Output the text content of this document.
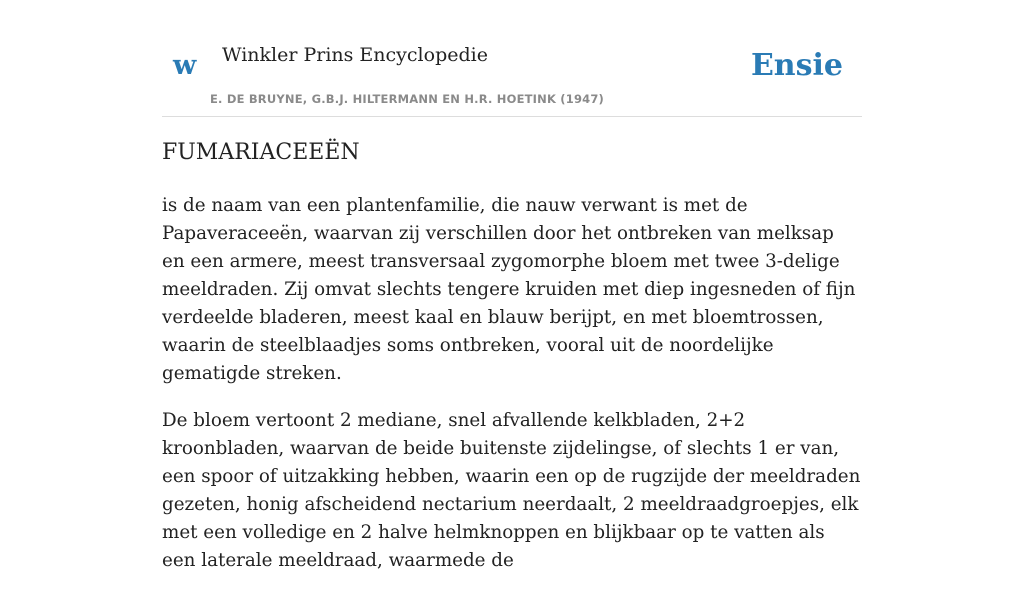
w Winkler Prins Encyclopedie
E. DE BRUYNE, G.B.J. HILTERMANN EN H.R. HOETINK (1947)
Ensie
FUMARIACEEËN

is de naam van een plantenfamilie, die nauw verwant is met de Papaveraceeën, waarvan zij verschillen door het ontbreken van melksap en een armere, meest transversaal zygomorphe bloem met twee 3-delige meeldraden. Zij omvat slechts tengere kruiden met diep ingesneden of fijn verdeelde bladeren, meest kaal en blauw berijpt, en met bloemtrossen, waarin de steelblaadjes soms ontbreken, vooral uit de noordelijke gematigde streken.

De bloem vertoont 2 mediane, snel afvallende kelkbladen, 2+2 kroonbladen, waarvan de beide buitenste zijdelingse, of slechts 1 er van, een spoor of uitzakking hebben, waarin een op de rugzijde der meeldraden gezeten, honig afscheidend nectarium neerdaalt, 2 meeldraadgroepjes, elk met een volledige en 2 halve helmknoppen en blijkbaar op te vatten als een laterale meeldraad, waarmede de
